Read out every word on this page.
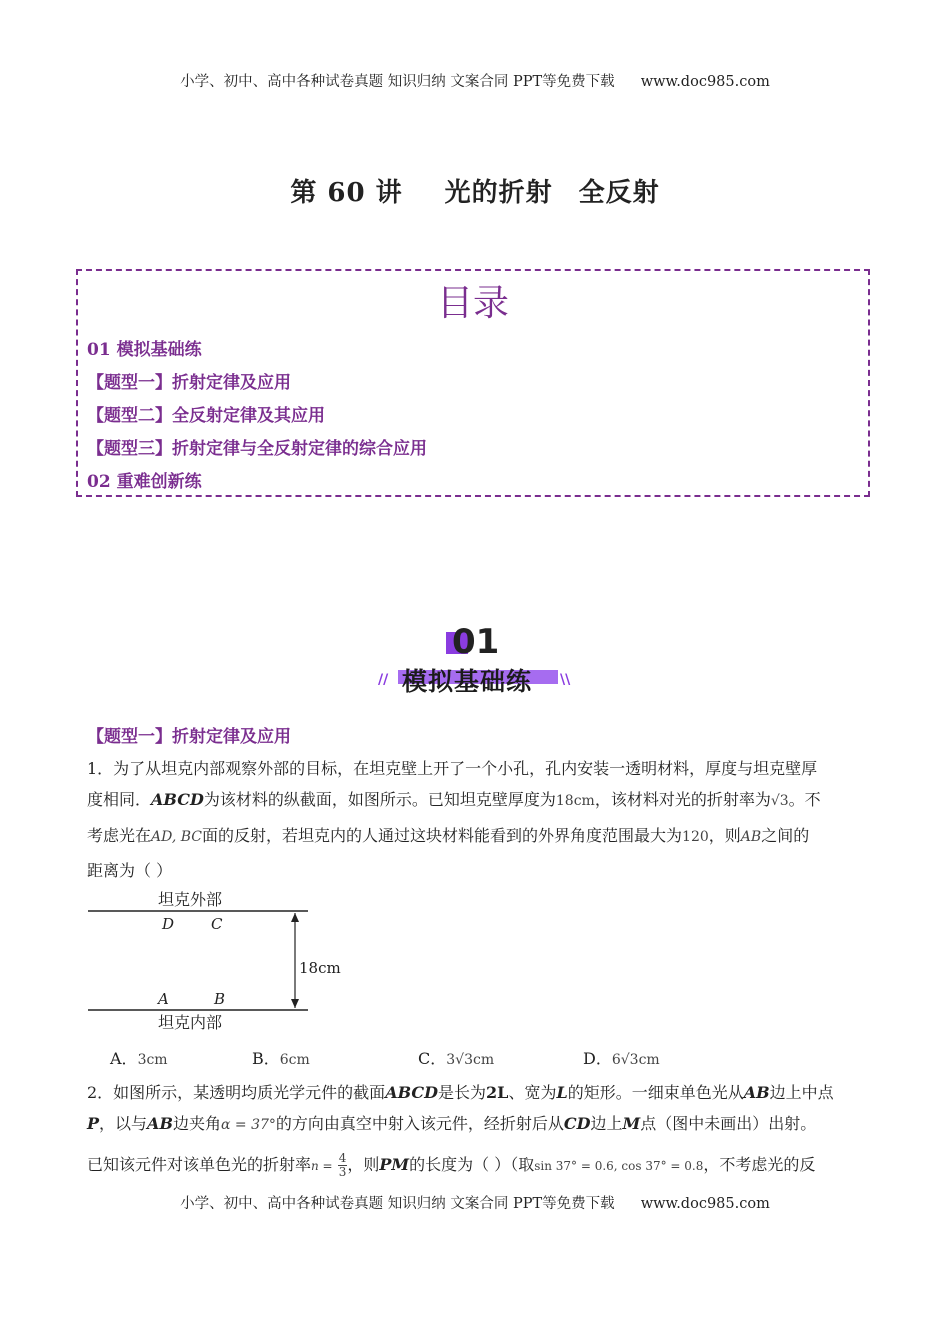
小学、初中、高中各种试卷真题 知识归纳 文案合同 PPT等免费下载 www.doc985.com
第 60 讲 光的折射 全反射
目录
01 模拟基础练
【题型一】折射定律及应用
【题型二】全反射定律及其应用
【题型三】折射定律与全反射定律的综合应用
02 重难创新练
01
模拟基础练
//	\\
【题型一】折射定律及应用
1．为了从坦克内部观察外部的目标，在坦克壁上开了一个小孔，孔内安装一透明材料，厚度与坦克壁厚
度相同．ABCD为该材料的纵截面，如图所示。已知坦克壁厚度为18cm，该材料对光的折射率为√3。不
考虑光在AD, BC面的反射，若坦克内的人通过这块材料能看到的外界角度范围最大为120，则AB之间的
距离为（ ）
坦克外部
D C
18cm
A	B
坦克内部
A．3cm	B．6cm	C．3√3cm	D．6√3cm
2．如图所示，某透明均质光学元件的截面ABCD是长为2L、宽为L的矩形。一细束单色光从AB边上中点
P，以与AB边夹角α = 37°的方向由真空中射入该元件，经折射后从CD边上M点（图中未画出）出射。
已知该元件对该单色光的折射率$n = \frac{4}{3}$ ，则PM的长度为（ ）（取sin 37° = 0.6, cos 37° = 0.8，不考虑光的反
小学、初中、高中各种试卷真题 知识归纳 文案合同 PPT等免费下载 www.doc985.com
